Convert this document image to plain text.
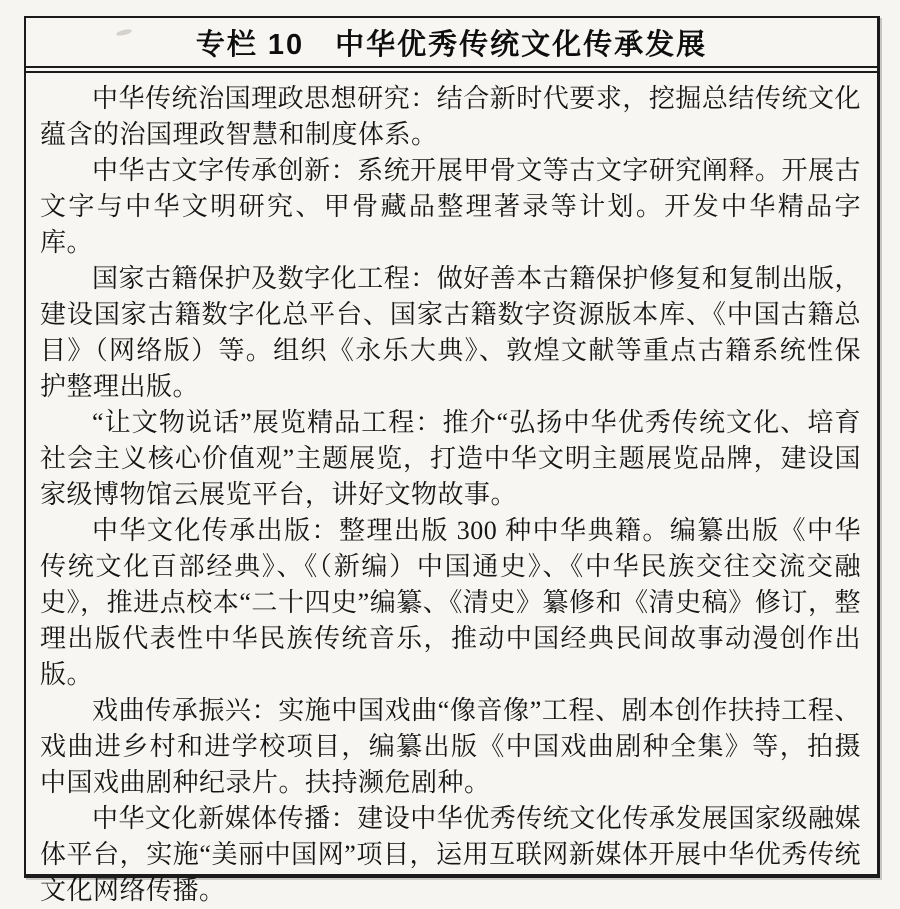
专栏 10　中华优秀传统文化传承发展

中华传统治国理政思想研究：结合新时代要求，挖掘总结传统文化蕴含的治国理政智慧和制度体系。

中华古文字传承创新：系统开展甲骨文等古文字研究阐释。开展古文字与中华文明研究、甲骨藏品整理著录等计划。开发中华精品字库。

国家古籍保护及数字化工程：做好善本古籍保护修复和复制出版，建设国家古籍数字化总平台、国家古籍数字资源版本库、《中国古籍总目》（网络版）等。组织《永乐大典》、敦煌文献等重点古籍系统性保护整理出版。

“让文物说话”展览精品工程：推介“弘扬中华优秀传统文化、培育社会主义核心价值观”主题展览，打造中华文明主题展览品牌，建设国家级博物馆云展览平台，讲好文物故事。

中华文化传承出版：整理出版 300 种中华典籍。编纂出版《中华传统文化百部经典》、《（新编）中国通史》、《中华民族交往交流交融史》，推进点校本“二十四史”编纂、《清史》纂修和《清史稿》修订，整理出版代表性中华民族传统音乐，推动中国经典民间故事动漫创作出版。

戏曲传承振兴：实施中国戏曲“像音像”工程、剧本创作扶持工程、戏曲进乡村和进学校项目，编纂出版《中国戏曲剧种全集》等，拍摄中国戏曲剧种纪录片。扶持濒危剧种。

中华文化新媒体传播：建设中华优秀传统文化传承发展国家级融媒体平台，实施“美丽中国网”项目，运用互联网新媒体开展中华优秀传统文化网络传播。
